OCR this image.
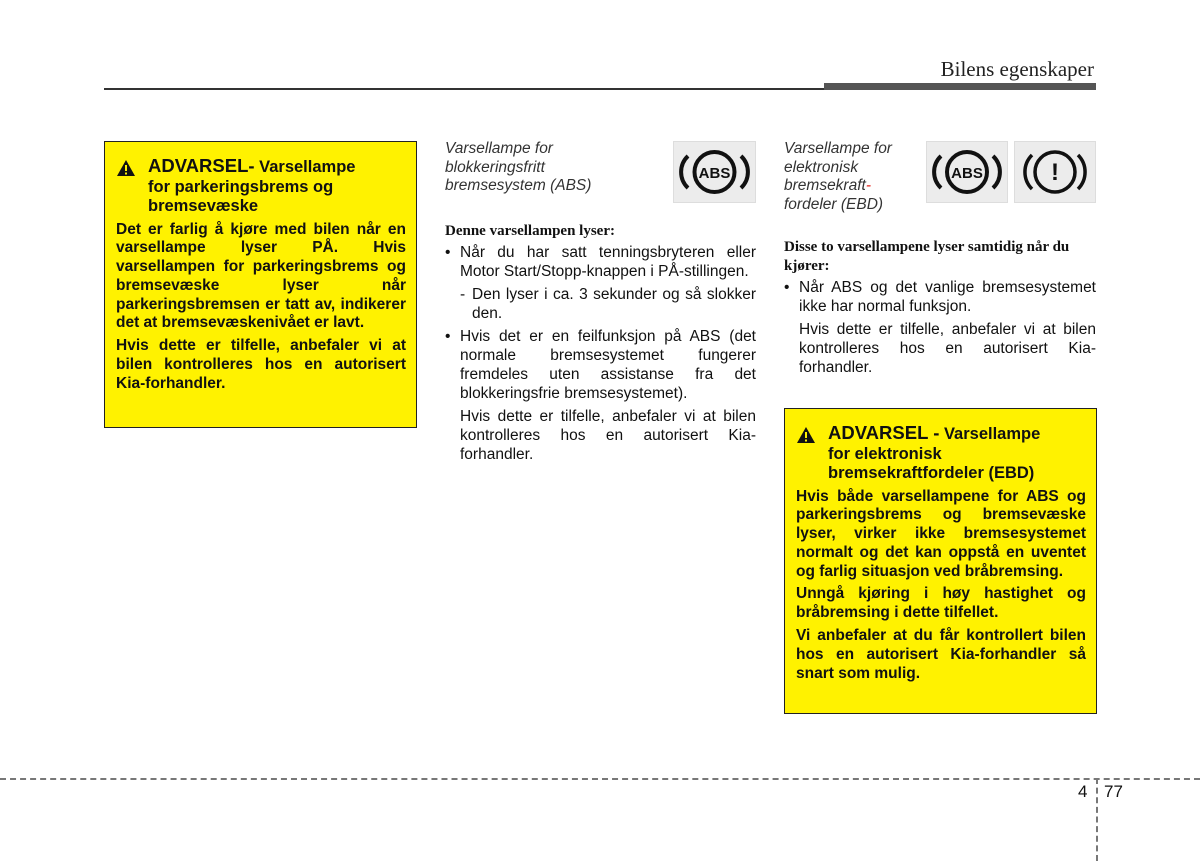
Bilens egenskaper
ADVARSEL- Varsellampe
for parkeringsbrems og
bremsevæske

Det er farlig å kjøre med bilen når en varsellampe lyser PÅ. Hvis varsellampen for parkeringsbrems og bremsevæske lyser når parkeringsbremsen er tatt av, indikerer det at bremsevæskenivået er lavt.

Hvis dette er tilfelle, anbefaler vi at bilen kontrolleres hos en autorisert Kia-forhandler.

Varsellampe for
blokkeringsfritt
bremsesystem (ABS)
ABS

Denne varsellampen lyser:

• Når du har satt tenningsbryteren eller Motor Start/Stopp-knappen i PÅ-stillingen.
- Den lyser i ca. 3 sekunder og så slokker den.
• Hvis det er en feilfunksjon på ABS (det normale bremsesystemet fungerer fremdeles uten assistanse fra det blokkeringsfrie bremsesystemet).
Hvis dette er tilfelle, anbefaler vi at bilen kontrolleres hos en autorisert Kia-forhandler.
Varsellampe for
elektronisk
bremsekraft-
fordeler (EBD)
ABS	!

Disse to varsellampene lyser samtidig når du kjører:

• Når ABS og det vanlige bremsesystemet ikke har normal funksjon.
Hvis dette er tilfelle, anbefaler vi at bilen kontrolleres hos en autorisert Kia-forhandler.
ADVARSEL - Varsellampe
for elektronisk
bremsekraftfordeler (EBD)

Hvis både varsellampene for ABS og parkeringsbrems og bremsevæske lyser, virker ikke bremsesystemet normalt og det kan oppstå en uventet og farlig situasjon ved bråbremsing.

Unngå kjøring i høy hastighet og bråbremsing i dette tilfellet.

Vi anbefaler at du får kontrollert bilen hos en autorisert Kia-forhandler så snart som mulig.

4 77
